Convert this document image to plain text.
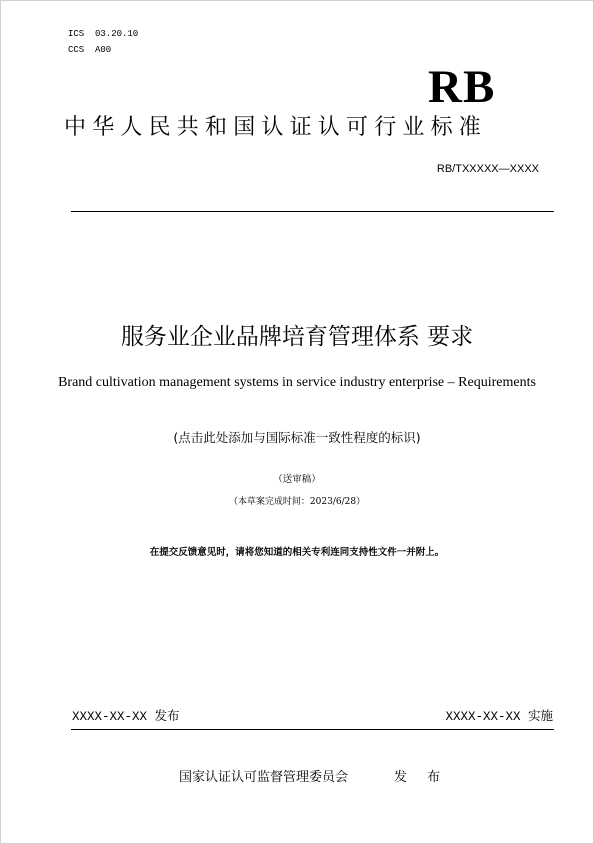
ICS  03.20.10
CCS  A00
RB
中华人民共和国认证认可行业标准
RB/TXXXXX—XXXX
服务业企业品牌培育管理体系 要求
Brand cultivation management systems in service industry enterprise – Requirements
(点击此处添加与国际标准一致性程度的标识)
（送审稿）
（本草案完成时间：2023/6/28）
在提交反馈意见时，请将您知道的相关专利连同支持性文件一并附上。
XXXX-XX-XX 发布	XXXX-XX-XX 实施
国家认证认可监督管理委员会	发 布
